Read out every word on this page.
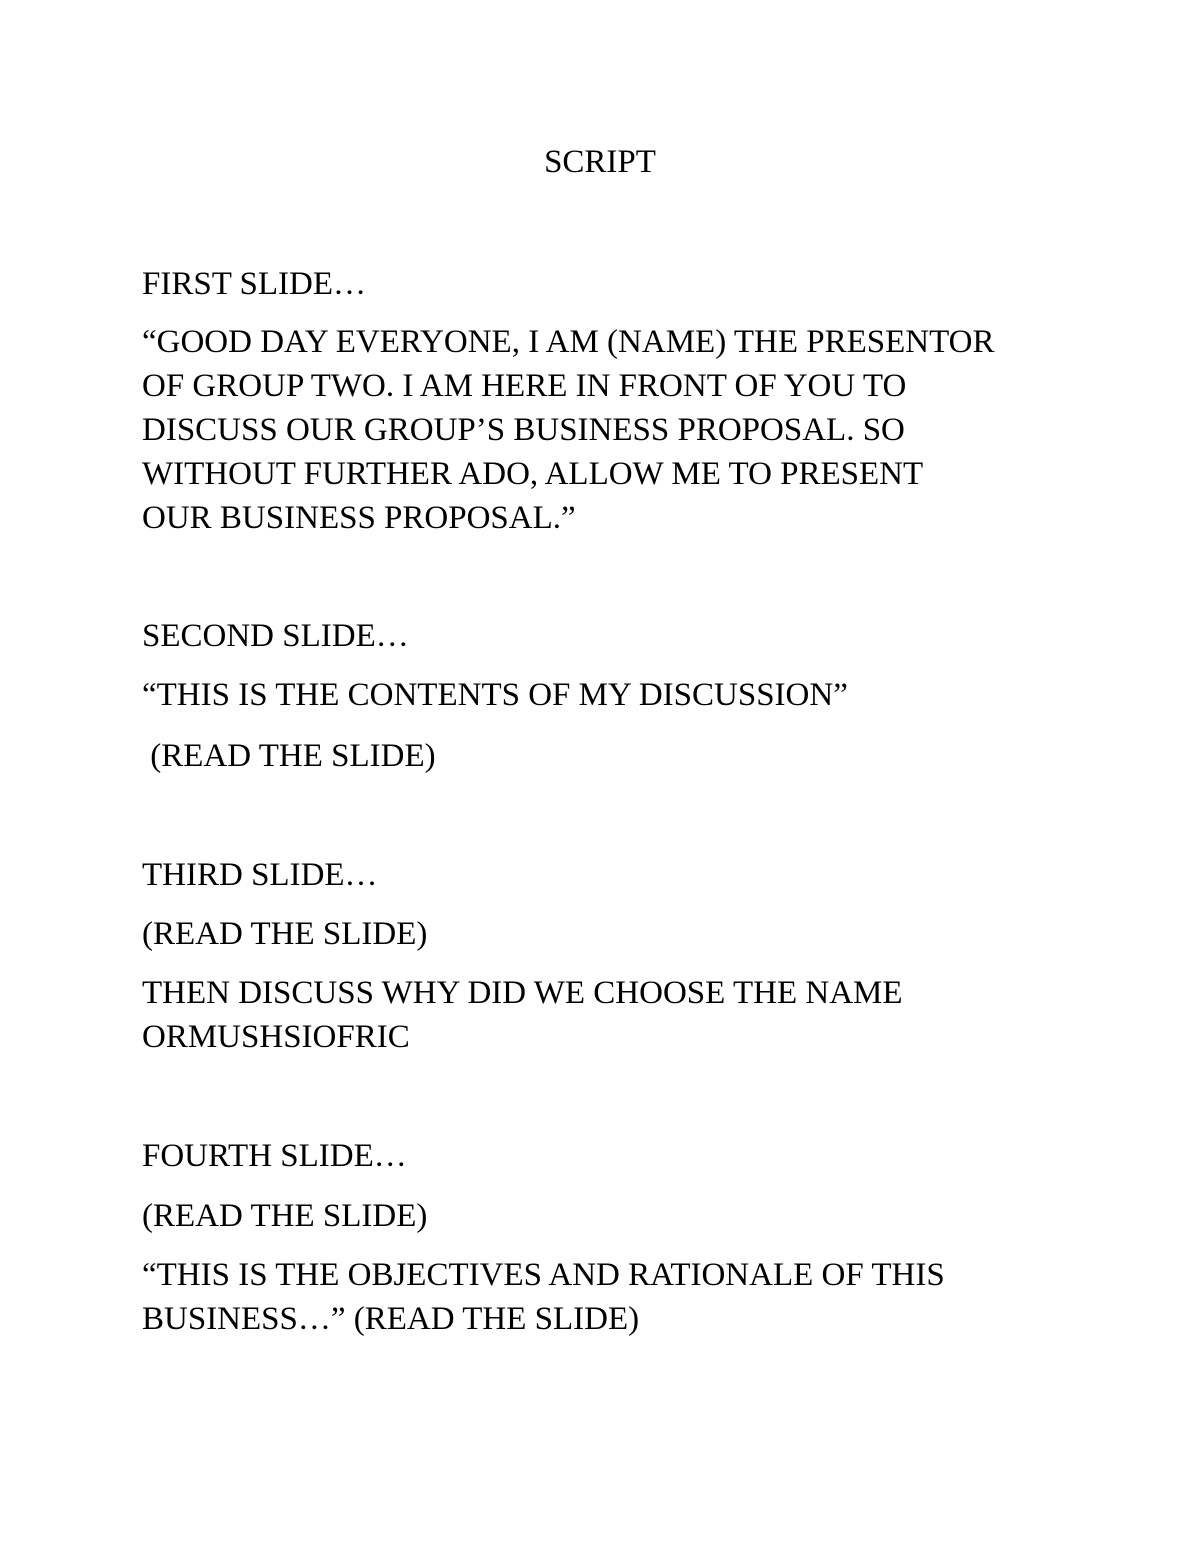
SCRIPT

FIRST SLIDE…

“GOOD DAY EVERYONE, I AM (NAME) THE PRESENTOR

OF GROUP TWO. I AM HERE IN FRONT OF YOU TO

DISCUSS OUR GROUP’S BUSINESS PROPOSAL. SO

WITHOUT FURTHER ADO, ALLOW ME TO PRESENT

OUR BUSINESS PROPOSAL.”

SECOND SLIDE…

“THIS IS THE CONTENTS OF MY DISCUSSION”

(READ THE SLIDE)

THIRD SLIDE…

(READ THE SLIDE)

THEN DISCUSS WHY DID WE CHOOSE THE NAME

ORMUSHSIOFRIC

FOURTH SLIDE…

(READ THE SLIDE)

“THIS IS THE OBJECTIVES AND RATIONALE OF THIS

BUSINESS…” (READ THE SLIDE)
